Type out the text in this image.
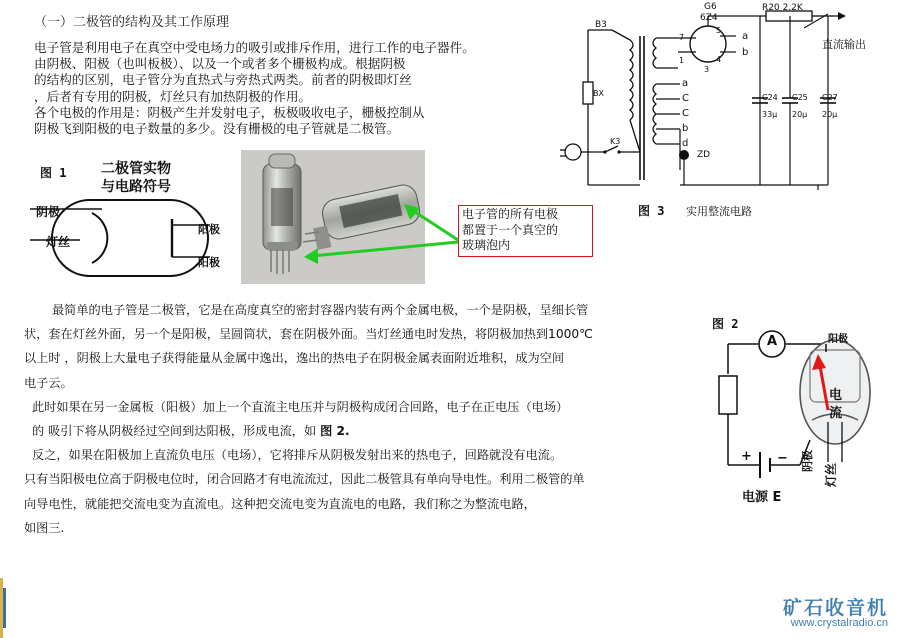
（一）二极管的结构及其工作原理
电子管是利用电子在真空中受电场力的吸引或排斥作用，进行工作的电子器件。
由阴极、阳极（也叫板极）、以及一个或者多个栅极构成。根据阴极
的结构的区别，电子管分为直热式与旁热式两类。前者的阴极即灯丝
，后者有专用的阴极，灯丝只有加热阴极的作用。
各个电极的作用是：阴极产生并发射电子，板极吸收电子，栅极控制从
阴极飞到阳极的电子数量的多少。没有栅极的电子管就是二极管。
图 1 二极管实物
与电路符号
阴极
灯丝
阳极
阳极
电子管的所有电极
都置于一个真空的
玻璃泡内
B3
G6
6Z4
R20 2.2K
BX
K3
ZD
7
1
5
4
3
a
b
a
C
C
b
d
C24
33μ
C25
20μ
C27
20μ
直流输出
图 3 实用整流电路
图 2
A	阳极
电
流
+ −
电源 E
阴极
灯丝
最简单的电子管是二极管，它是在高度真空的密封容器内装有两个金属电极，一个是阴极，呈细长管
状，套在灯丝外面，另一个是阳极，呈圆筒状，套在阴极外面。当灯丝通电时发热，将阴极加热到1000℃
以上时 ，阴极上大量电子获得能量从金属中逸出，逸出的热电子在阴极金属表面附近堆积，成为空间
电子云。
此时如果在另一金属板（阳极）加上一个直流主电压并与阴极构成闭合回路，电子在正电压（电场）
的 吸引下将从阴极经过空间到达阳极，形成电流，如 图 2.
反之，如果在阳极加上直流负电压（电场），它将排斥从阴极发射出来的热电子，回路就没有电流。
只有当阳极电位高于阴极电位时，闭合回路才有电流流过，因此二极管具有单向导电性。利用二极管的单
向导电性，就能把交流电变为直流电。这种把交流电变为直流电的电路，我们称之为整流电路，
如图三.
矿石收音机
www.crystalradio.cn
